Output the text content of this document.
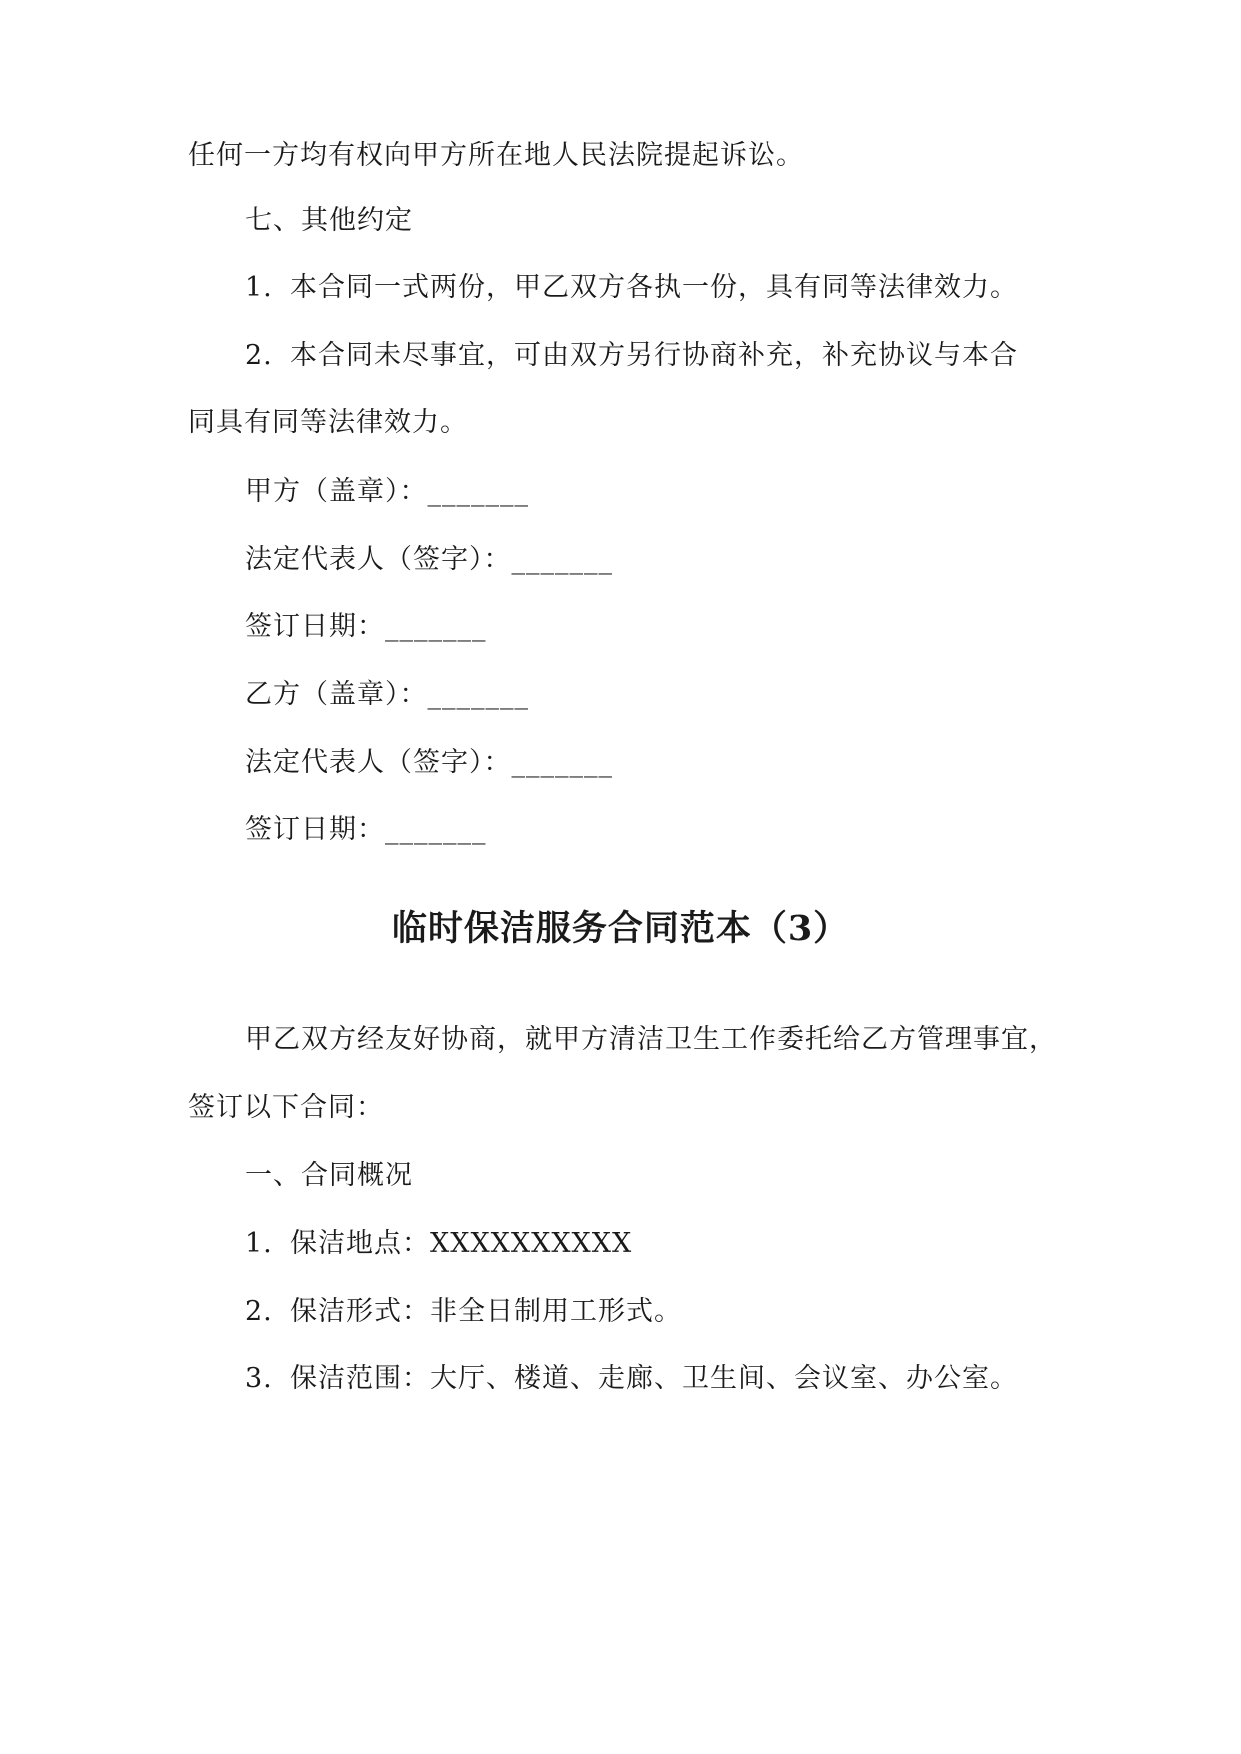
任何一方均有权向甲方所在地人民法院提起诉讼。
七、其他约定
1. 本合同一式两份，甲乙双方各执一份，具有同等法律效力。
2. 本合同未尽事宜，可由双方另行协商补充，补充协议与本合
同具有同等法律效力。
甲方（盖章）：_______
法定代表人（签字）：_______
签订日期：_______
乙方（盖章）：_______
法定代表人（签字）：_______
签订日期：_______
临时保洁服务合同范本（3）
甲乙双方经友好协商，就甲方清洁卫生工作委托给乙方管理事宜，
签订以下合同：
一、合同概况
1. 保洁地点：XXXXXXXXXX
2. 保洁形式：非全日制用工形式。
3. 保洁范围：大厅、楼道、走廊、卫生间、会议室、办公室。
